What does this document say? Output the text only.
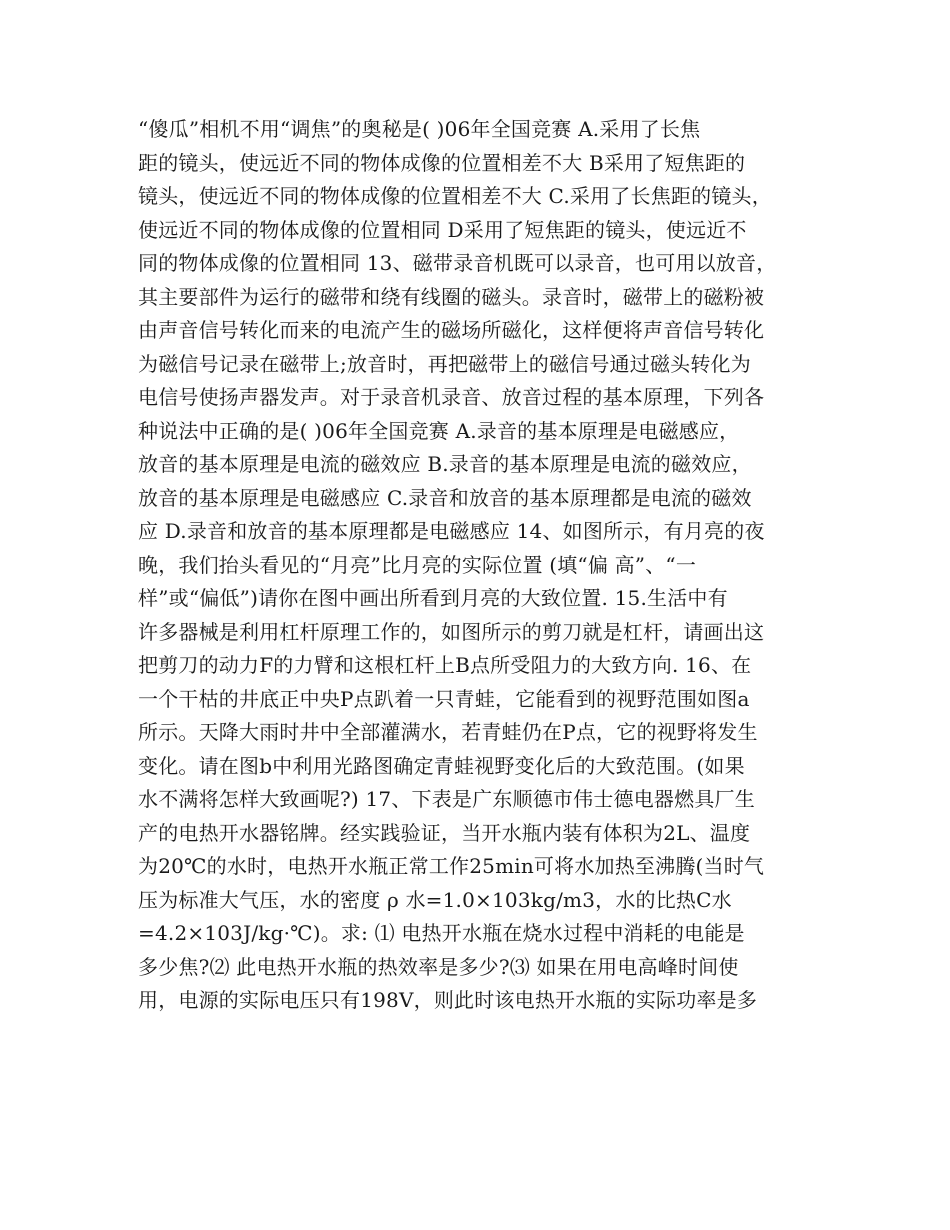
“傻瓜”相机不用“调焦”的奥秘是( )06年全国竞赛 A.采用了长焦
距的镜头，使远近不同的物体成像的位置相差不大 B采用了短焦距的
镜头，使远近不同的物体成像的位置相差不大 C.采用了长焦距的镜头，
使远近不同的物体成像的位置相同 D采用了短焦距的镜头，使远近不
同的物体成像的位置相同 13、磁带录音机既可以录音，也可用以放音，
其主要部件为运行的磁带和绕有线圈的磁头。录音时，磁带上的磁粉被
由声音信号转化而来的电流产生的磁场所磁化，这样便将声音信号转化
为磁信号记录在磁带上;放音时，再把磁带上的磁信号通过磁头转化为
电信号使扬声器发声。对于录音机录音、放音过程的基本原理，下列各
种说法中正确的是( )06年全国竞赛 A.录音的基本原理是电磁感应，
放音的基本原理是电流的磁效应 B.录音的基本原理是电流的磁效应，
放音的基本原理是电磁感应 C.录音和放音的基本原理都是电流的磁效
应 D.录音和放音的基本原理都是电磁感应 14、如图所示，有月亮的夜
晚，我们抬头看见的“月亮”比月亮的实际位置 (填“偏 高”、“一
样”或“偏低”)请你在图中画出所看到月亮的大致位置. 15.生活中有
许多器械是利用杠杆原理工作的，如图所示的剪刀就是杠杆，请画出这
把剪刀的动力F的力臂和这根杠杆上B点所受阻力的大致方向. 16、在
一个干枯的井底正中央P点趴着一只青蛙，它能看到的视野范围如图a
所示。天降大雨时井中全部灌满水，若青蛙仍在P点，它的视野将发生
变化。请在图b中利用光路图确定青蛙视野变化后的大致范围。(如果
水不满将怎样大致画呢?) 17、下表是广东顺德市伟士德电器燃具厂生
产的电热开水器铭牌。经实践验证，当开水瓶内装有体积为2L、温度
为20℃的水时，电热开水瓶正常工作25min可将水加热至沸腾(当时气
压为标准大气压，水的密度 ρ 水=1.0×103kg/m3，水的比热C水
=4.2×103J/kg·℃)。求: ⑴ 电热开水瓶在烧水过程中消耗的电能是
多少焦?⑵ 此电热开水瓶的热效率是多少?⑶ 如果在用电高峰时间使
用，电源的实际电压只有198V，则此时该电热开水瓶的实际功率是多
